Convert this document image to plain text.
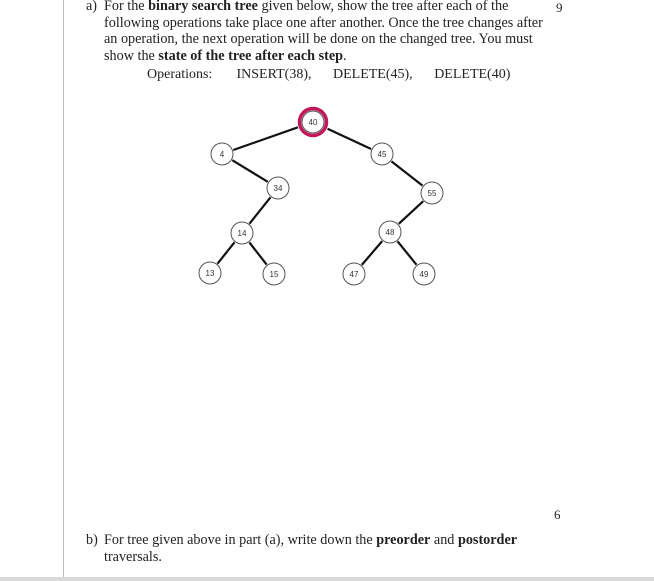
a) For the binary search tree given below, show the tree after each of the following operations take place one after another. Once the tree changes after an operation, the next operation will be done on the changed tree. You must show the state of the tree after each step.
9
Operations: INSERT(38), DELETE(45), DELETE(40)
40
4	45
34
55
14	48
13	15	47	49
6
b) For tree given above in part (a), write down the preorder and postorder traversals.
